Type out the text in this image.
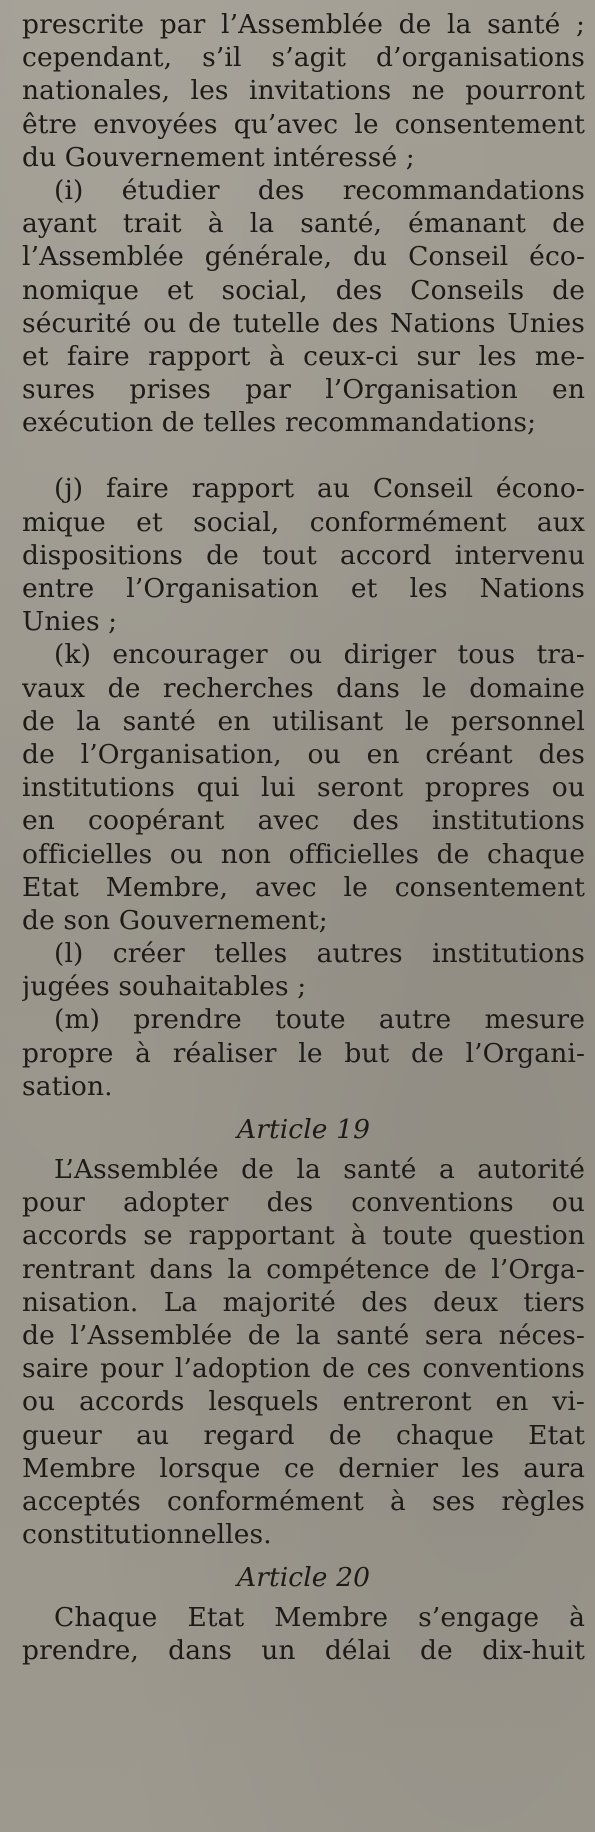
prescrite par l’Assemblée de la santé ;
cependant, s’il s’agit d’organisations
nationales, les invitations ne pourront
être envoyées qu’avec le consentement
du Gouvernement intéressé ;
(i) étudier des recommandations
ayant trait à la santé, émanant de
l’Assemblée générale, du Conseil éco-
nomique et social, des Conseils de
sécurité ou de tutelle des Nations Unies
et faire rapport à ceux-ci sur les me-
sures prises par l’Organisation en
exécution de telles recommandations;
(j) faire rapport au Conseil écono-
mique et social, conformément aux
dispositions de tout accord intervenu
entre l’Organisation et les Nations
Unies ;
(k) encourager ou diriger tous tra-
vaux de recherches dans le domaine
de la santé en utilisant le personnel
de l’Organisation, ou en créant des
institutions qui lui seront propres ou
en coopérant avec des institutions
officielles ou non officielles de chaque
Etat Membre, avec le consentement
de son Gouvernement;
(l) créer telles autres institutions
jugées souhaitables ;
(m) prendre toute autre mesure
propre à réaliser le but de l’Organi-
sation.
Article 19
L’Assemblée de la santé a autorité
pour adopter des conventions ou
accords se rapportant à toute question
rentrant dans la compétence de l’Orga-
nisation. La majorité des deux tiers
de l’Assemblée de la santé sera néces-
saire pour l’adoption de ces conventions
ou accords lesquels entreront en vi-
gueur au regard de chaque Etat
Membre lorsque ce dernier les aura
acceptés conformément à ses règles
constitutionnelles.
Article 20
Chaque Etat Membre s’engage à
prendre, dans un délai de dix-huit
